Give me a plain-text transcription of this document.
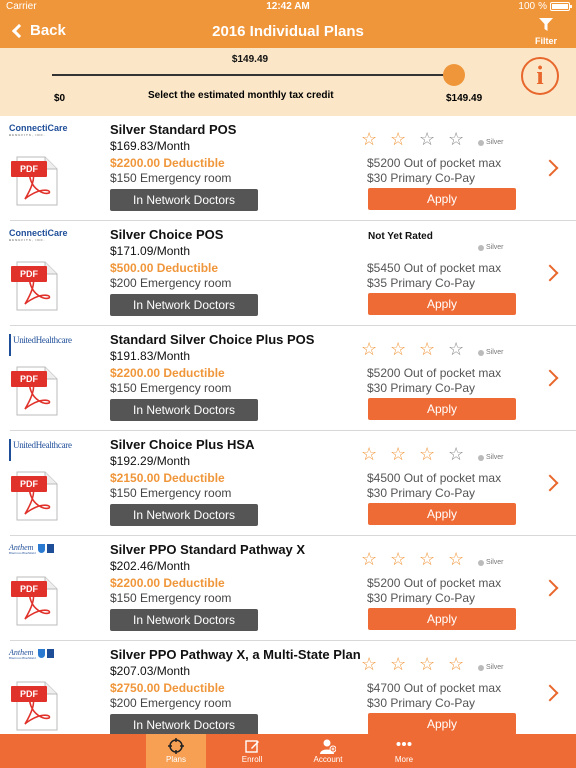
Carrier	12:42 AM	100 %
Back	2016 Individual Plans
Filter
$149.49
$0	Select the estimated monthly tax credit	$149.49
i
ConnectiCare
BENEFITS, INC.
PDF
Silver Standard POS
$169.83/Month
$2200.00 Deductible
$150 Emergency room
In Network Doctors
☆ ☆ ☆ ☆	Silver
$5200 Out of pocket max
$30 Primary Co-Pay
Apply
ConnectiCare
BENEFITS, INC.
PDF
Silver Choice POS
$171.09/Month
$500.00 Deductible
$200 Emergency room
In Network Doctors
Not Yet Rated
Silver
$5450 Out of pocket max
$35 Primary Co-Pay
Apply
UnitedHealthcare
PDF
Standard Silver Choice Plus POS
$191.83/Month
$2200.00 Deductible
$150 Emergency room
In Network Doctors
☆ ☆ ☆ ☆	Silver
$5200 Out of pocket max
$30 Primary Co-Pay
Apply
UnitedHealthcare
PDF
Silver Choice Plus HSA
$192.29/Month
$2150.00 Deductible
$150 Emergency room
In Network Doctors
☆ ☆ ☆ ☆	Silver
$4500 Out of pocket max
$30 Primary Co-Pay
Apply
Anthem
BlueCross BlueShield
PDF
Silver PPO Standard Pathway X
$202.46/Month
$2200.00 Deductible
$150 Emergency room
In Network Doctors
☆ ☆ ☆ ☆	Silver
$5200 Out of pocket max
$30 Primary Co-Pay
Apply
Anthem
BlueCross BlueShield
PDF
Silver PPO Pathway X, a Multi-State Plan
$207.03/Month
$2750.00 Deductible
$200 Emergency room
In Network Doctors
☆ ☆ ☆ ☆	Silver
$4700 Out of pocket max
$30 Primary Co-Pay
Apply
Plans	Enroll	Account	More
